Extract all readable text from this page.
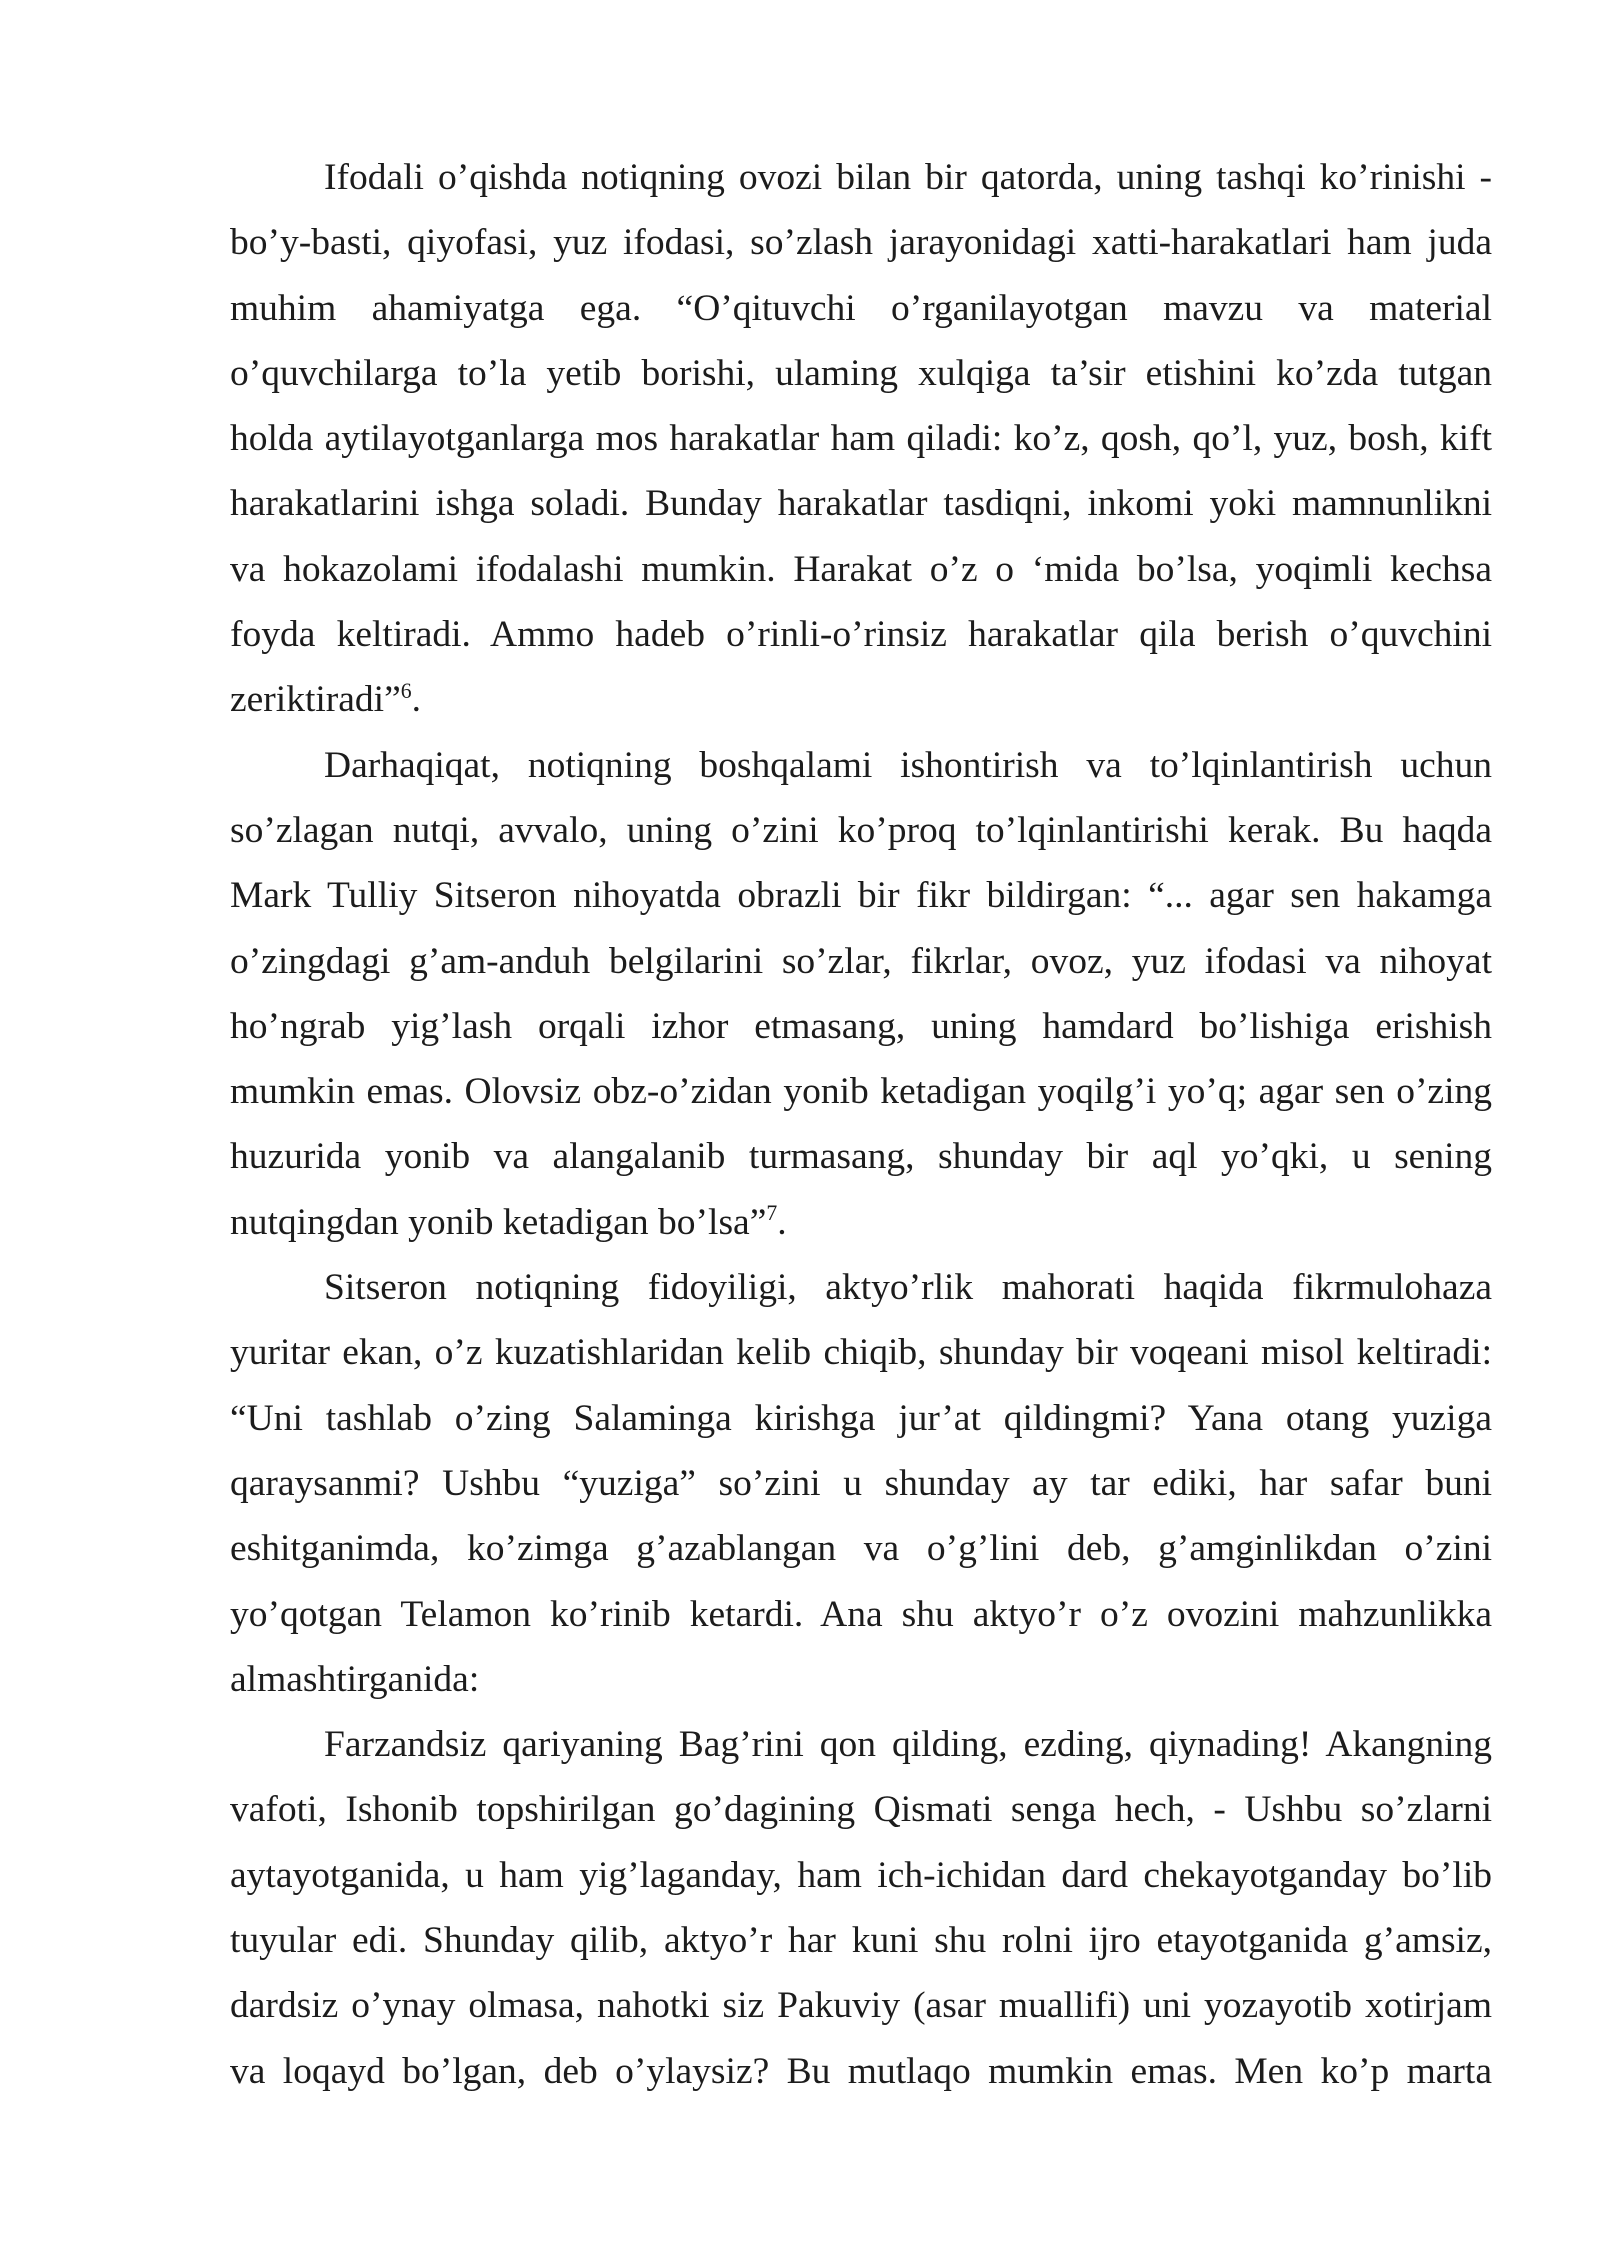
Ifodali o’qishda notiqning ovozi bilan bir qatorda, uning tashqi ko’rinishi -
bo’y-basti, qiyofasi, yuz ifodasi, so’zlash jarayonidagi xatti-harakatlari ham juda
muhim ahamiyatga ega. “O’qituvchi o’rganilayotgan mavzu va material
o’quvchilarga to’la yetib borishi, ulaming xulqiga ta’sir etishini ko’zda tutgan
holda aytilayotganlarga mos harakatlar ham qiladi: ko’z, qosh, qo’l, yuz, bosh, kift
harakatlarini ishga soladi. Bunday harakatlar tasdiqni, inkomi yoki mamnunlikni
va hokazolami ifodalashi mumkin. Harakat o’z o ‘mida bo’lsa, yoqimli kechsa
foyda keltiradi. Ammo hadeb o’rinli-o’rinsiz harakatlar qila berish o’quvchini
zeriktiradi”$^6$.
Darhaqiqat, notiqning boshqalami ishontirish va to’lqinlantirish uchun
so’zlagan nutqi, avvalo, uning o’zini ko’proq to’lqinlantirishi kerak. Bu haqda
Mark Tulliy Sitseron nihoyatda obrazli bir fikr bildirgan: “... agar sen hakamga
o’zingdagi g’am-anduh belgilarini so’zlar, fikrlar, ovoz, yuz ifodasi va nihoyat
ho’ngrab yig’lash orqali izhor etmasang, uning hamdard bo’lishiga erishish
mumkin emas. Olovsiz obz-o’zidan yonib ketadigan yoqilg’i yo’q; agar sen o’zing
huzurida yonib va alangalanib turmasang, shunday bir aql yo’qki, u sening
nutqingdan yonib ketadigan bo’lsa”$^7$.
Sitseron notiqning fidoyiligi, aktyo’rlik mahorati haqida fikrmulohaza
yuritar ekan, o’z kuzatishlaridan kelib chiqib, shunday bir voqeani misol keltiradi:
“Uni tashlab o’zing Salaminga kirishga jur’at qildingmi? Yana otang yuziga
qaraysanmi? Ushbu “yuziga” so’zini u shunday ay tar ediki, har safar buni
eshitganimda, ko’zimga g’azablangan va o’g’lini deb, g’amginlikdan o’zini
yo’qotgan Telamon ko’rinib ketardi. Ana shu aktyo’r o’z ovozini mahzunlikka
almashtirganida:
Farzandsiz qariyaning Bag’rini qon qilding, ezding, qiynading! Akangning
vafoti, Ishonib topshirilgan go’dagining Qismati senga hech, - Ushbu so’zlarni
aytayotganida, u ham yig’laganday, ham ich-ichidan dard chekayotganday bo’lib
tuyular edi. Shunday qilib, aktyo’r har kuni shu rolni ijro etayotganida g’amsiz,
dardsiz o’ynay olmasa, nahotki siz Pakuviy (asar muallifi) uni yozayotib xotirjam
va loqayd bo’lgan, deb o’ylaysiz? Bu mutlaqo mumkin emas. Men ko’p marta
